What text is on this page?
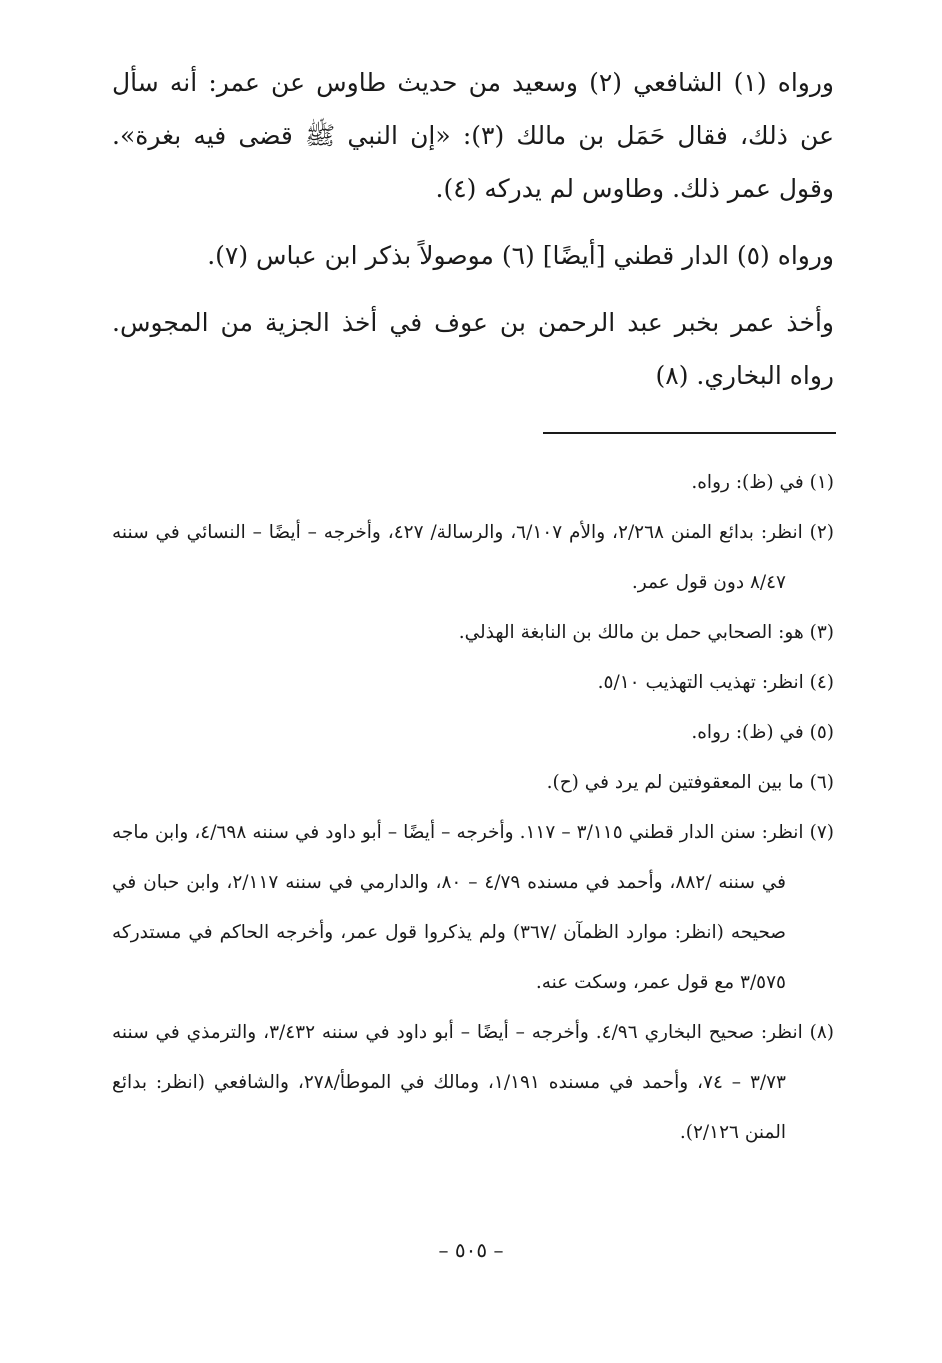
ورواه (١) الشافعي (٢) وسعيد من حديث طاوس عن عمر: أنه سأل عن ذلك، فقال حَمَل بن مالك (٣): «إن النبي ﷺ قضى فيه بغرة». وقول عمر ذلك. وطاوس لم يدركه (٤).

ورواه (٥) الدار قطني [أيضًا] (٦) موصولاً بذكر ابن عباس (٧).

وأخذ عمر بخبر عبد الرحمن بن عوف في أخذ الجزية من المجوس. رواه البخاري. (٨)

(١) في (ظ): رواه.

(٢) انظر: بدائع المنن ٢/٢٦٨، والأم ٦/١٠٧، والرسالة/ ٤٢٧، وأخرجه – أيضًا – النسائي في سننه ٨/٤٧ دون قول عمر.

(٣) هو: الصحابي حمل بن مالك بن النابغة الهذلي.

(٤) انظر: تهذيب التهذيب ٥/١٠.

(٥) في (ظ): رواه.

(٦) ما بين المعقوفتين لم يرد في (ح).

(٧) انظر: سنن الدار قطني ٣/١١٥ – ١١٧. وأخرجه – أيضًا – أبو داود في سننه ٤/٦٩٨، وابن ماجه في سننه /٨٨٢، وأحمد في مسنده ٤/٧٩ – ٨٠، والدارمي في سننه ٢/١١٧، وابن حبان في صحيحه (انظر: موارد الظمآن /٣٦٧) ولم يذكروا قول عمر، وأخرجه الحاكم في مستدركه ٣/٥٧٥ مع قول عمر، وسكت عنه.

(٨) انظر: صحيح البخاري ٤/٩٦. وأخرجه – أيضًا – أبو داود في سننه ٣/٤٣٢، والترمذي في سننه ٣/٧٣ – ٧٤، وأحمد في مسنده ١/١٩١، ومالك في الموطأ/٢٧٨، والشافعي (انظر: بدائع المنن ٢/١٢٦).

– ٥٠٥ –
